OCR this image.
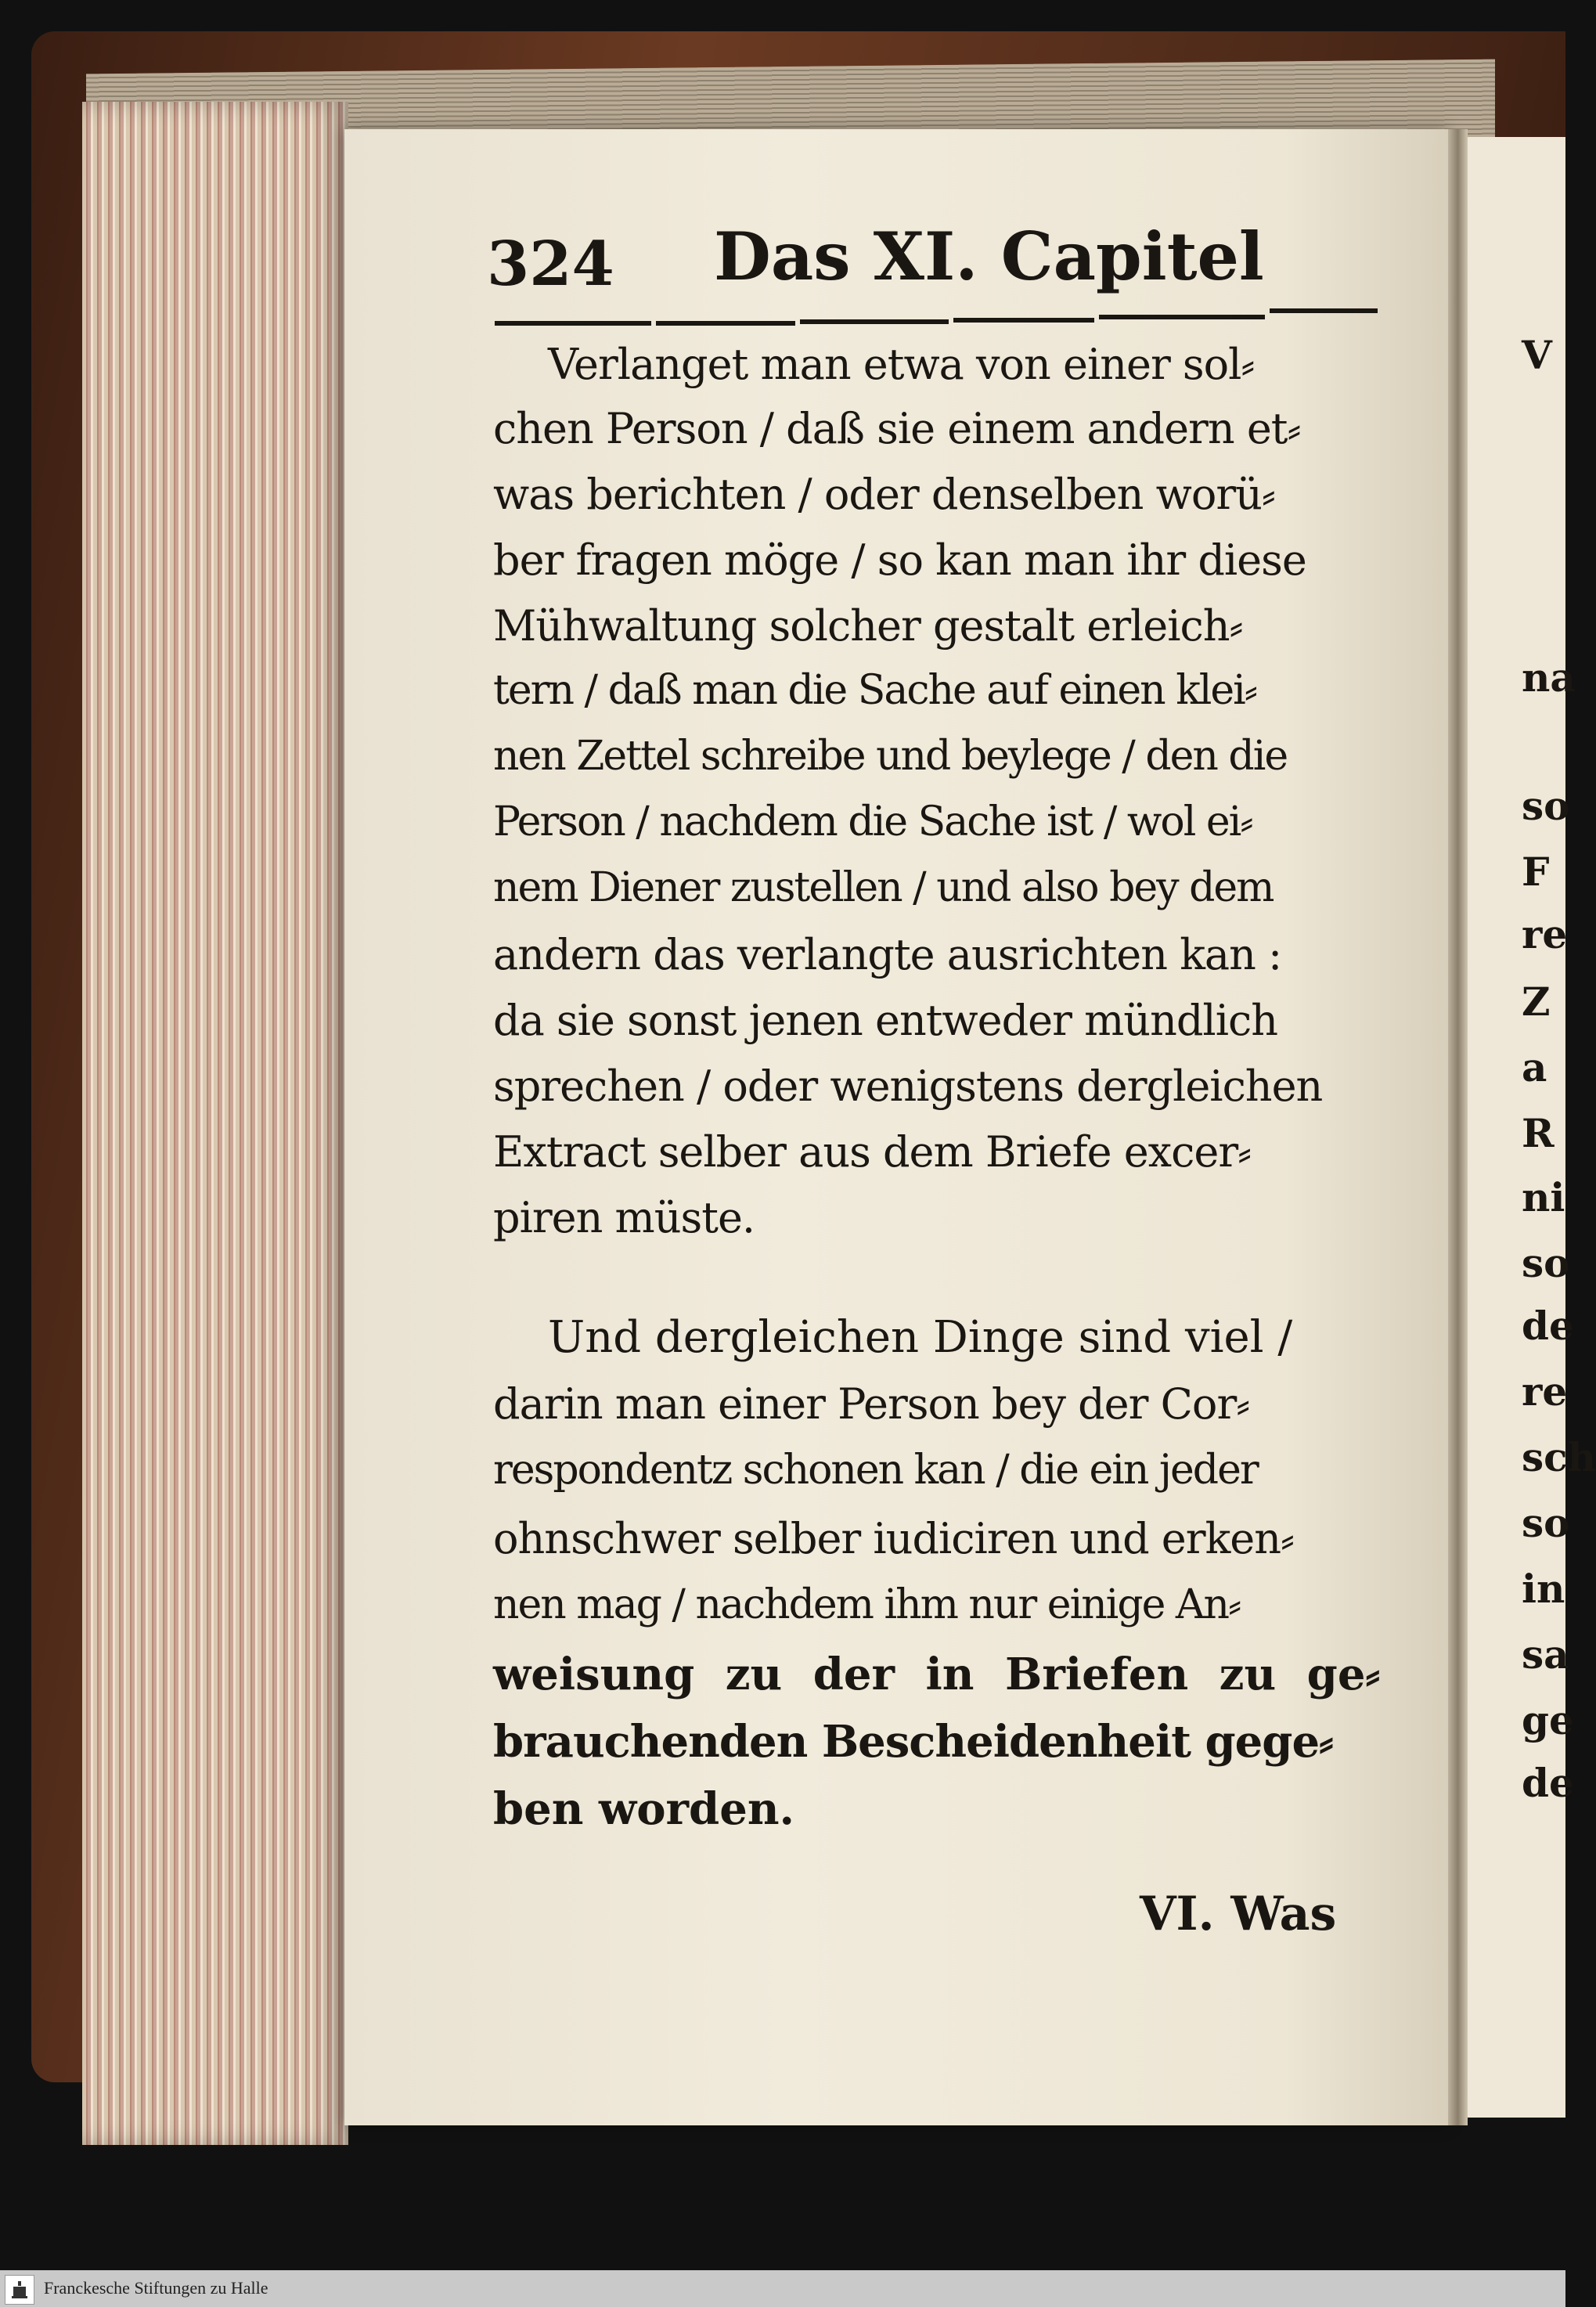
324 Das XI. Capitel
Verlanget man etwa von einer sol⸗
chen Person / daß sie einem andern et⸗
was berichten / oder denselben worü⸗
ber fragen möge / so kan man ihr diese
Mühwaltung solcher gestalt erleich⸗
tern / daß man die Sache auf einen klei⸗
nen Zettel schreibe und beylege / den die
Person / nachdem die Sache ist / wol ei⸗
nem Diener zustellen / und also bey dem
andern das verlangte ausrichten kan :
da sie sonst jenen entweder mündlich
sprechen / oder wenigstens dergleichen
Extract selber aus dem Briefe excer⸗
piren müste.
Und dergleichen Dinge sind viel /
darin man einer Person bey der Cor⸗
respondentz schonen kan / die ein jeder
ohnschwer selber iudiciren und erken⸗
nen mag / nachdem ihm nur einige An⸗
weisung zu der in Briefen zu ge⸗
brauchenden Bescheidenheit gege⸗
ben worden.
VI. Was
V
na
so
F
re
Z
a
R
ni
so
de
re
sch
so
in
sa
ge
de
Franckesche Stiftungen zu Halle
